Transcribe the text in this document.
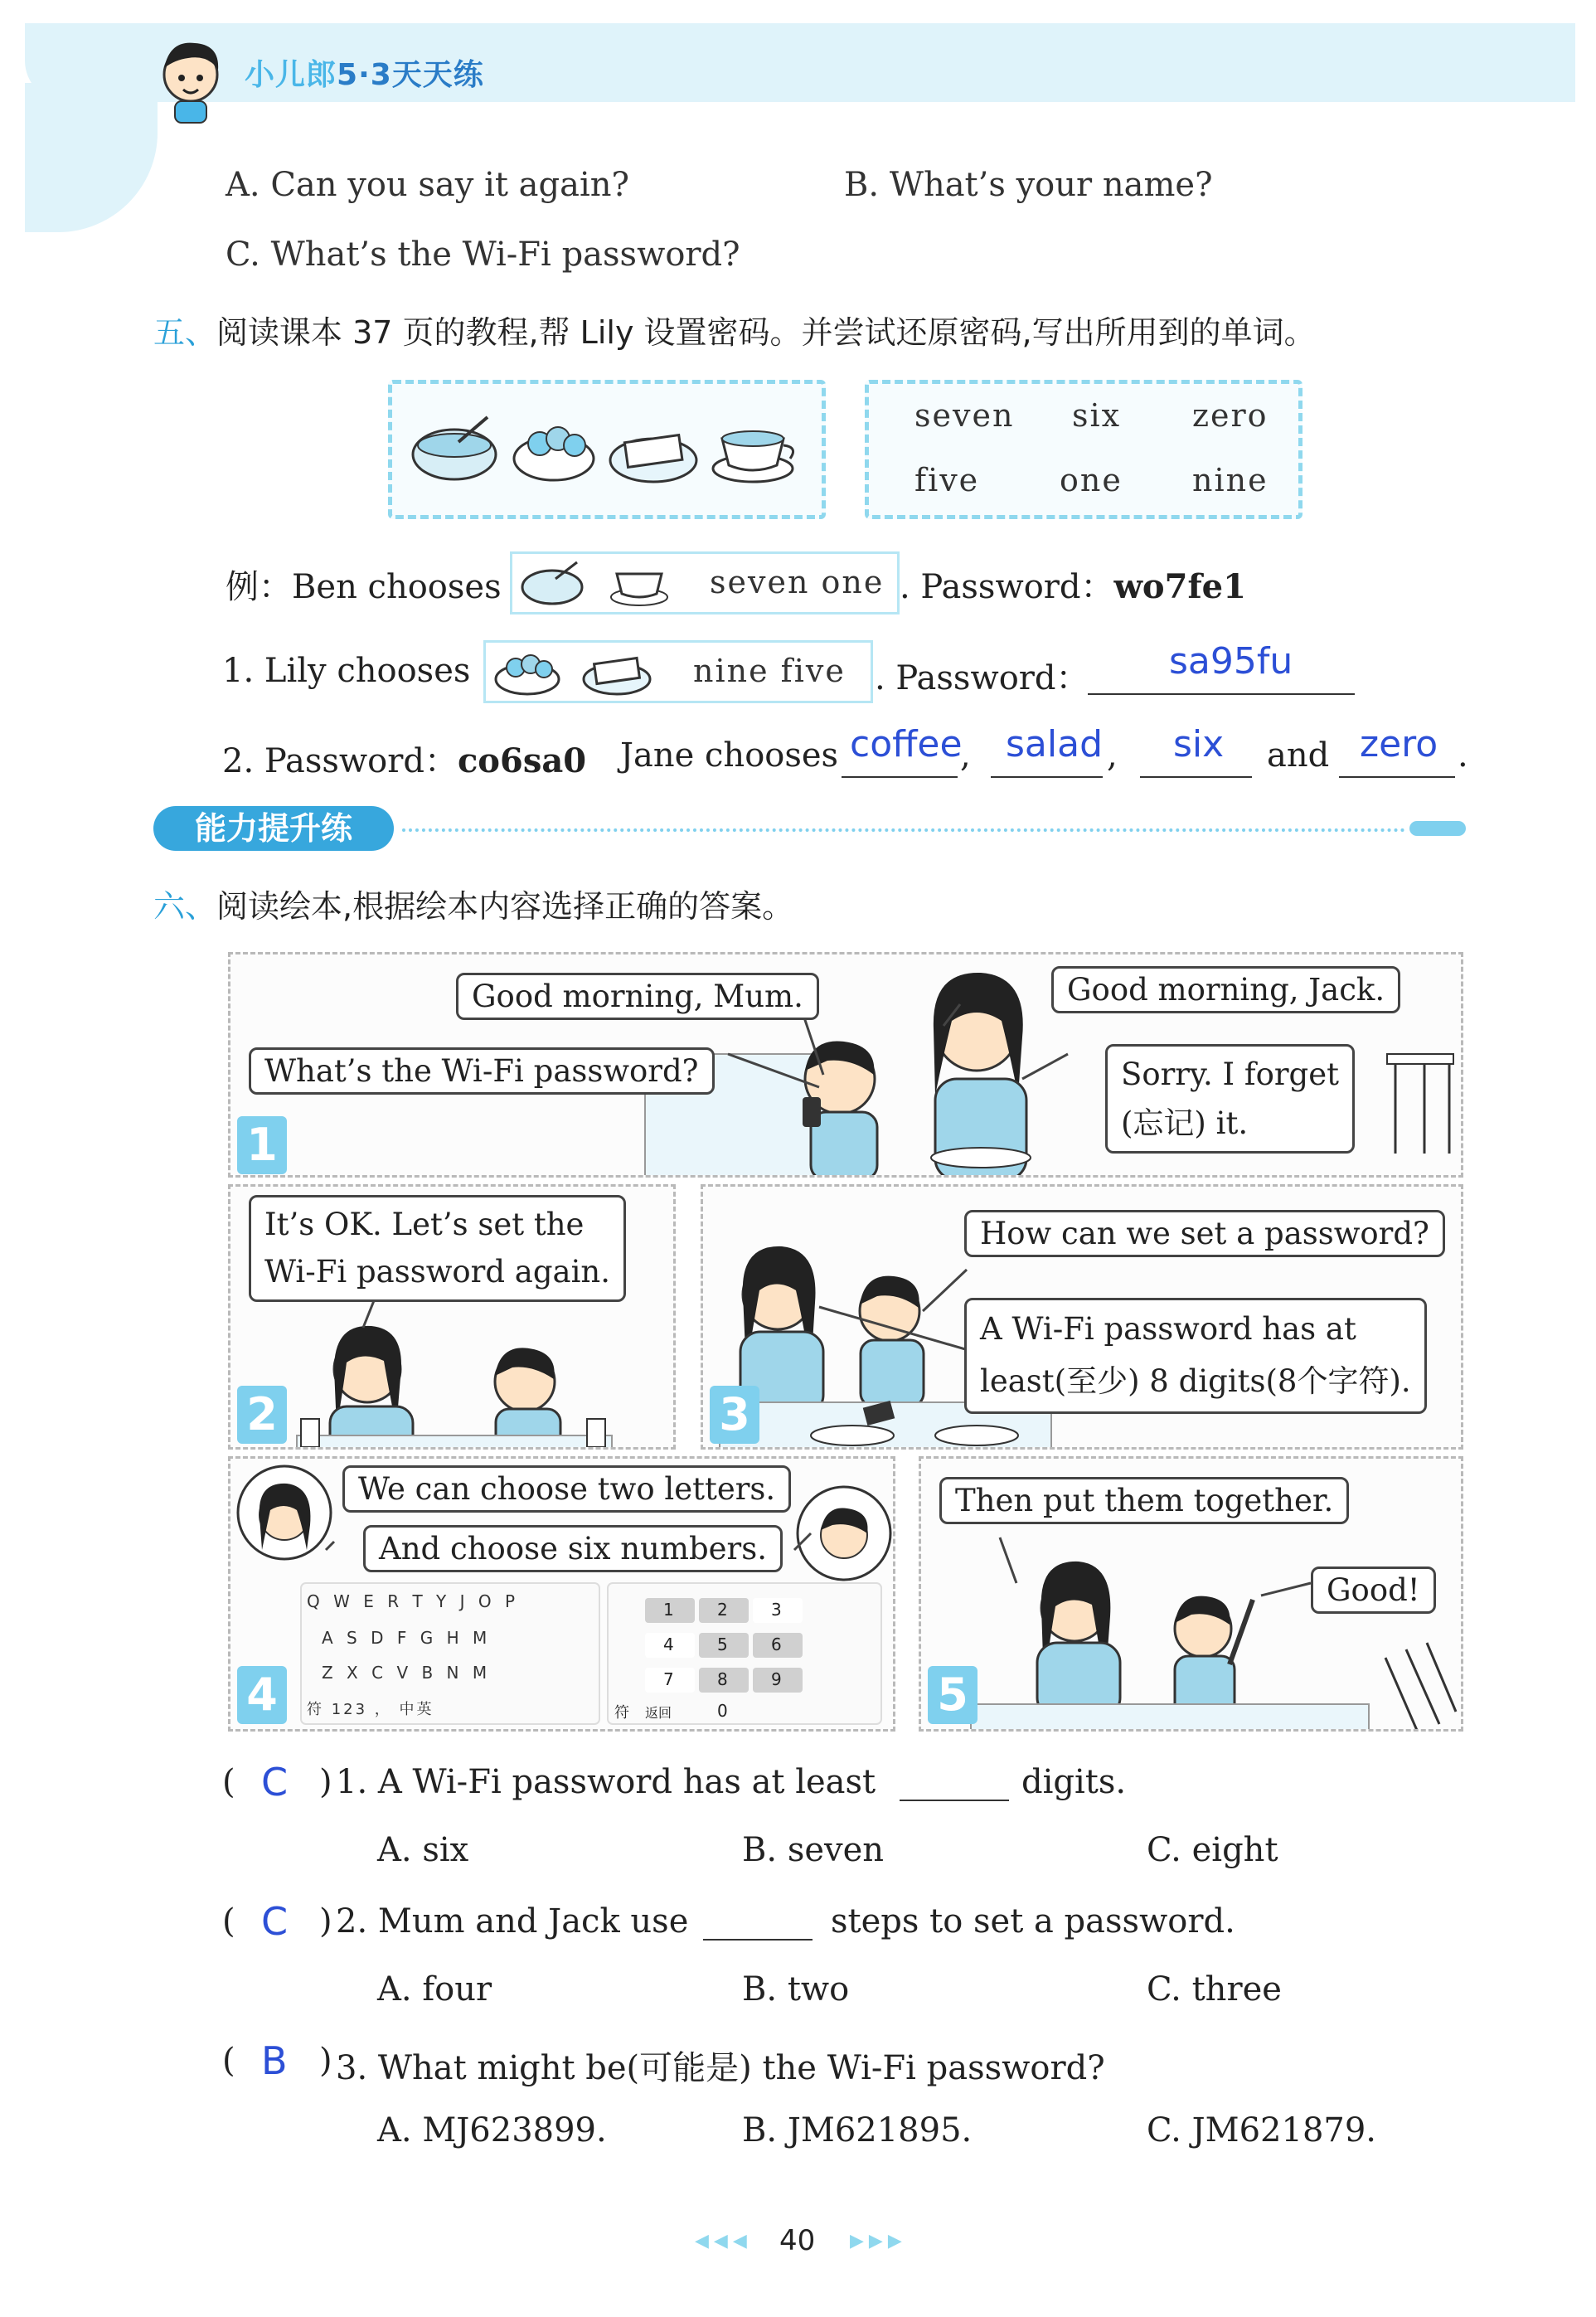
小儿郎5·3天天练
A. Can you say it again?	B. What’s your name?
C. What’s the Wi-Fi password?
五、阅读课本 37 页的教程,帮 Lily 设置密码。并尝试还原密码,写出所用到的单词。
seven six zero
five	one nine
例：Ben chooses	seven one . Password：wo7fe1
1. Lily chooses	nine five . Password： sa95fu
2. Password：co6sa0 Jane chooses coffee
, salad , six and zero .
能力提升练
六、阅读绘本,根据绘本内容选择正确的答案。
Good morning, Mum.
What’s the Wi-Fi password?
Good morning, Jack.
Sorry. I forget
(忘记) it.
1
It’s OK. Let’s set the
Wi-Fi password again.
2
How can we set a password?
A Wi-Fi password has at
least(至少) 8 digits(8个字符).
3
We can choose two letters.
And choose six numbers.
Q W E R T Y J O P
A S D F G H M
Z X C V B N M
符 123 ， 中英
1	2	3
4	5	6
7	8	9
0
符 返回
4
Then put them together.
Good!
5
( C ) 1. A Wi-Fi password has at least	digits.
A. six	B. seven	C. eight
( C ) 2. Mum and Jack use	steps to set a password.
A. four	B. two	C. three
( B ) 3. What might be(可能是) the Wi-Fi password?
A. MJ623899.	B. JM621895.	C. JM621879.
◀◀◀ 40 ▶▶▶
